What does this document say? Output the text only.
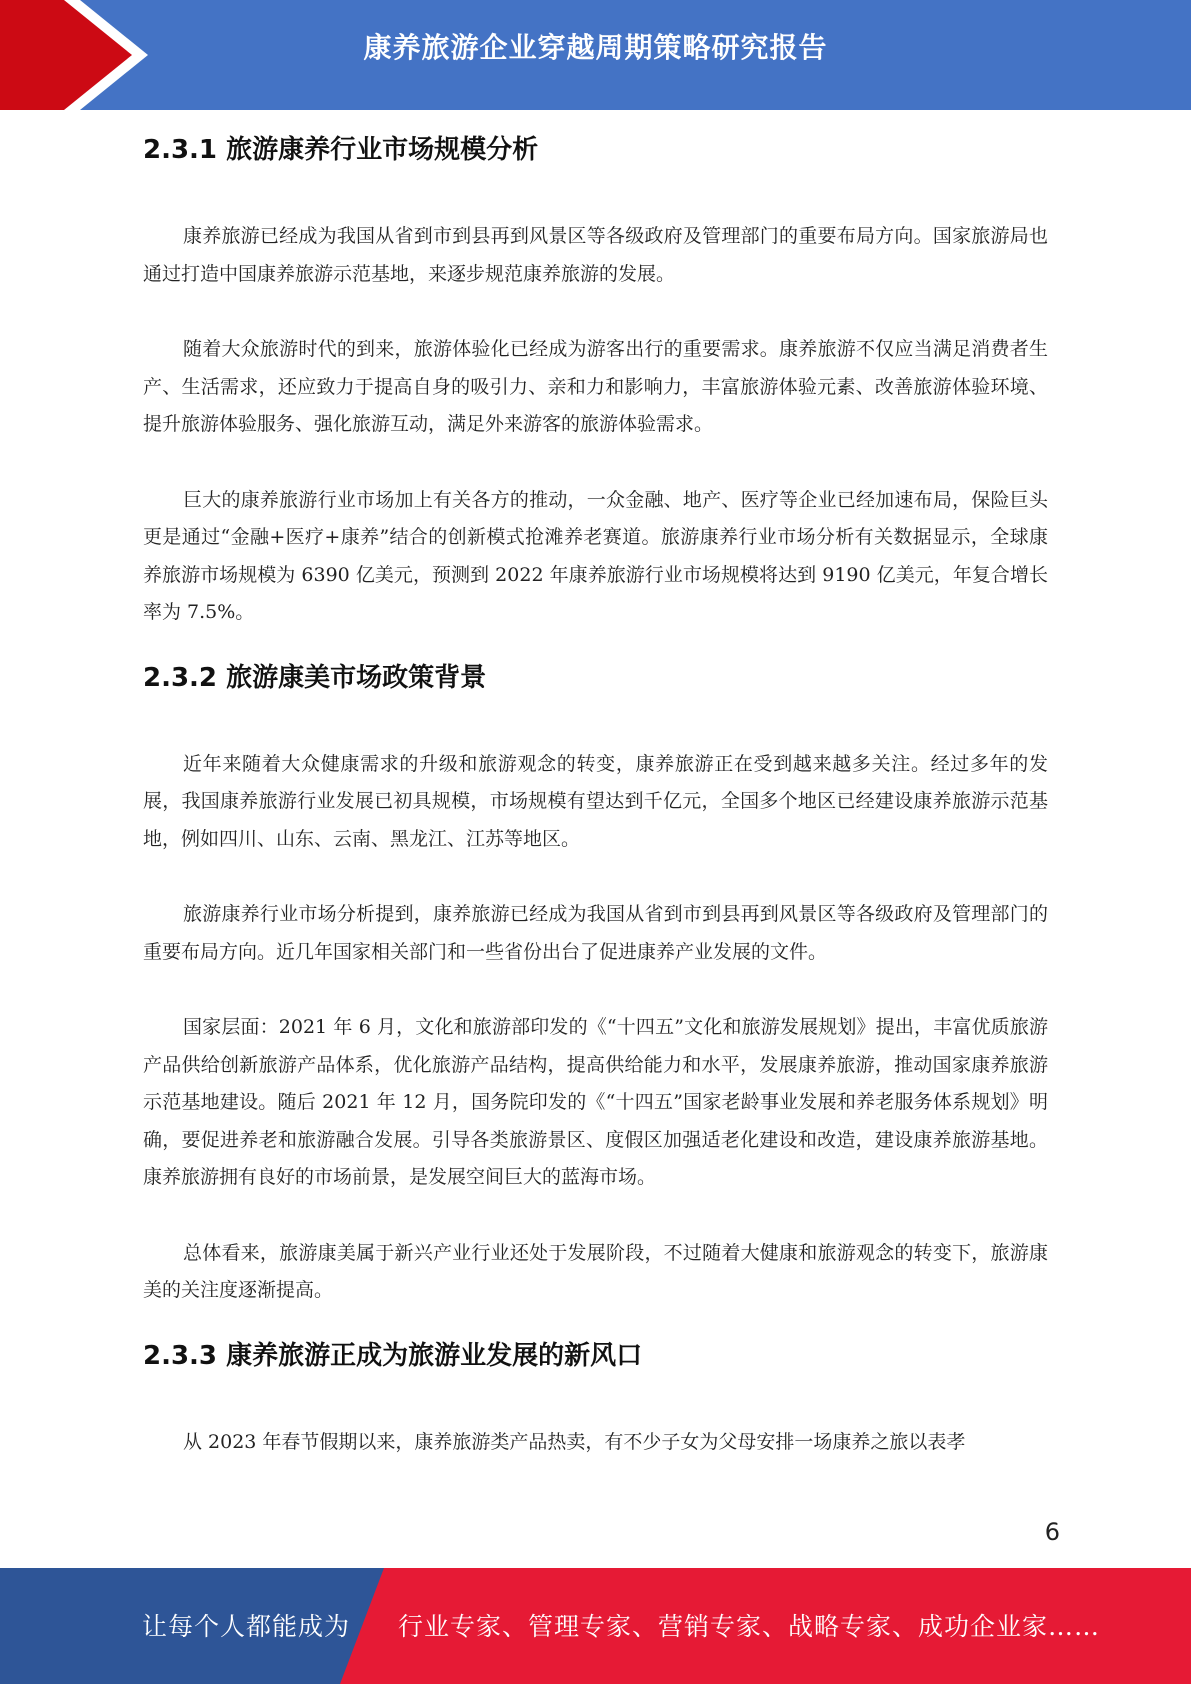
康养旅游企业穿越周期策略研究报告
2.3.1 旅游康养行业市场规模分析

康养旅游已经成为我国从省到市到县再到风景区等各级政府及管理部门的重要布局方向。国家旅游局也通过打造中国康养旅游示范基地，来逐步规范康养旅游的发展。

随着大众旅游时代的到来，旅游体验化已经成为游客出行的重要需求。康养旅游不仅应当满足消费者生产、生活需求，还应致力于提高自身的吸引力、亲和力和影响力，丰富旅游体验元素、改善旅游体验环境、提升旅游体验服务、强化旅游互动，满足外来游客的旅游体验需求。

巨大的康养旅游行业市场加上有关各方的推动，一众金融、地产、医疗等企业已经加速布局，保险巨头更是通过“金融+医疗+康养”结合的创新模式抢滩养老赛道。旅游康养行业市场分析有关数据显示，全球康养旅游市场规模为 6390 亿美元，预测到 2022 年康养旅游行业市场规模将达到 9190 亿美元，年复合增长率为 7.5%。

2.3.2 旅游康美市场政策背景

近年来随着大众健康需求的升级和旅游观念的转变，康养旅游正在受到越来越多关注。经过多年的发展，我国康养旅游行业发展已初具规模，市场规模有望达到千亿元，全国多个地区已经建设康养旅游示范基地，例如四川、山东、云南、黑龙江、江苏等地区。

旅游康养行业市场分析提到，康养旅游已经成为我国从省到市到县再到风景区等各级政府及管理部门的重要布局方向。近几年国家相关部门和一些省份出台了促进康养产业发展的文件。

国家层面：2021 年 6 月，文化和旅游部印发的《“十四五”文化和旅游发展规划》提出，丰富优质旅游产品供给创新旅游产品体系，优化旅游产品结构，提高供给能力和水平，发展康养旅游，推动国家康养旅游示范基地建设。随后 2021 年 12 月，国务院印发的《“十四五”国家老龄事业发展和养老服务体系规划》明确，要促进养老和旅游融合发展。引导各类旅游景区、度假区加强适老化建设和改造，建设康养旅游基地。康养旅游拥有良好的市场前景，是发展空间巨大的蓝海市场。

总体看来，旅游康美属于新兴产业行业还处于发展阶段，不过随着大健康和旅游观念的转变下，旅游康美的关注度逐渐提高。

2.3.3 康养旅游正成为旅游业发展的新风口

从 2023 年春节假期以来，康养旅游类产品热卖，有不少子女为父母安排一场康养之旅以表孝

6
让每个人都能成为 行业专家、管理专家、营销专家、战略专家、成功企业家……
